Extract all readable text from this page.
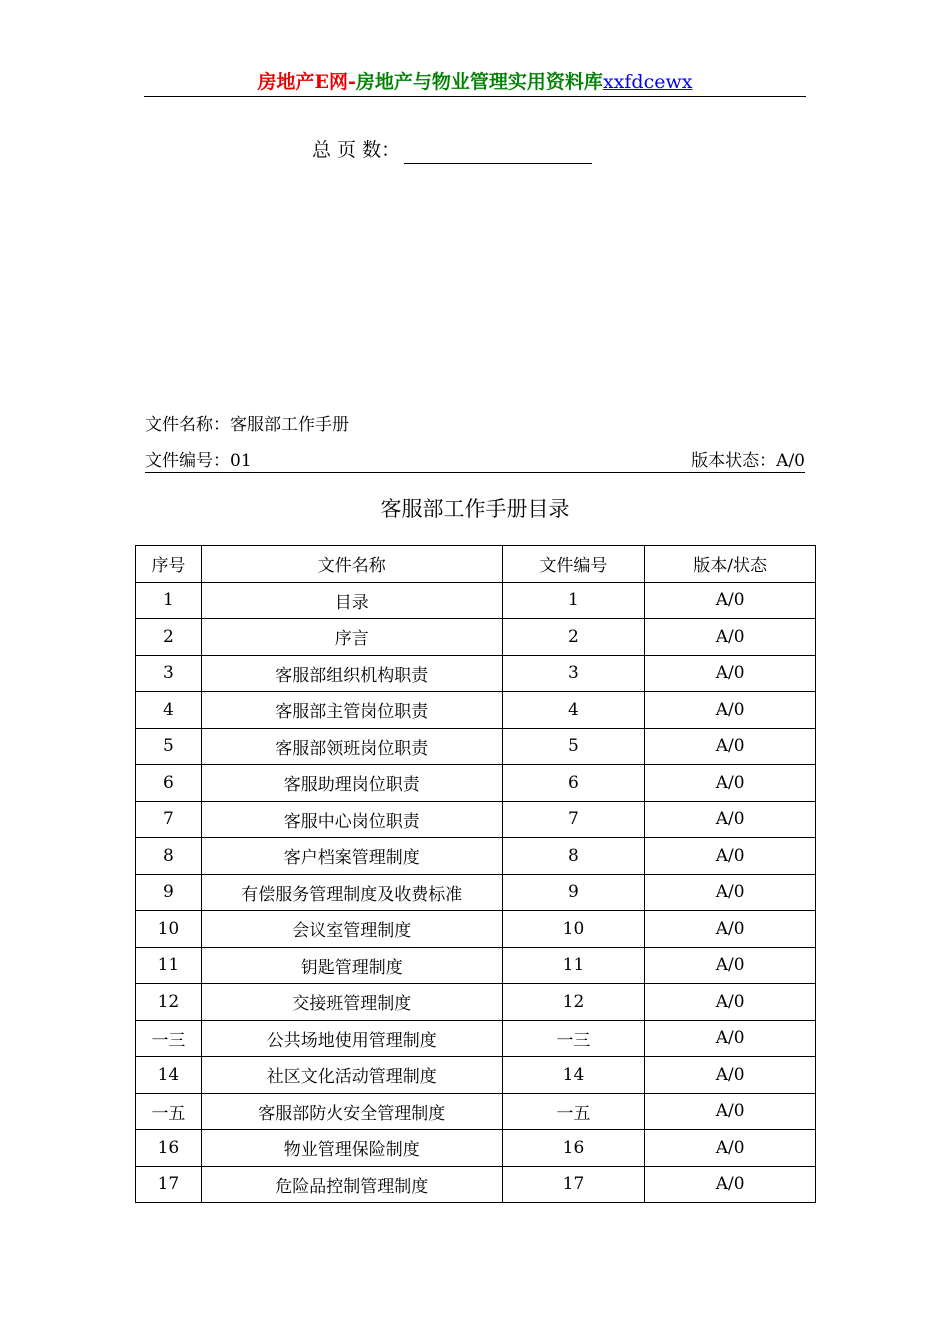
房地产E网-房地产与物业管理实用资料库xxfdcewx
总 页 数：
文件名称：客服部工作手册
文件编号：01	版本状态：A/0
客服部工作手册目录
序号	文件名称	文件编号	版本/状态
1	目录	1	A/0
2	序言	2	A/0
3	客服部组织机构职责	3	A/0
4	客服部主管岗位职责	4	A/0
5	客服部领班岗位职责	5	A/0
6	客服助理岗位职责	6	A/0
7	客服中心岗位职责	7	A/0
8	客户档案管理制度	8	A/0
9	有偿服务管理制度及收费标准	9	A/0
10	会议室管理制度	10	A/0
11	钥匙管理制度	11	A/0
12	交接班管理制度	12	A/0
一三	公共场地使用管理制度	一三	A/0
14	社区文化活动管理制度	14	A/0
一五	客服部防火安全管理制度	一五	A/0
16	物业管理保险制度	16	A/0
17	危险品控制管理制度	17	A/0
